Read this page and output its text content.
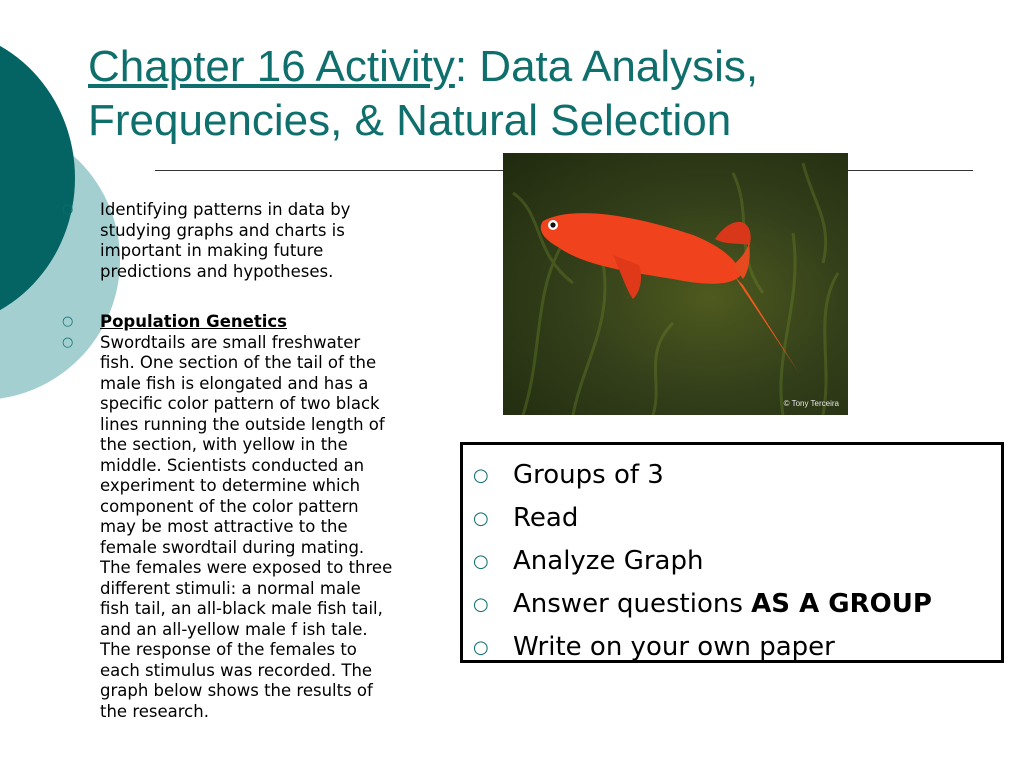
Chapter 16 Activity: Data Analysis,
Frequencies, & Natural Selection
○ Identifying patterns in data by
studying graphs and charts is
important in making future
predictions and hypotheses.
○ Population Genetics
○ Swordtails are small freshwater
fish. One section of the tail of the
male fish is elongated and has a
specific color pattern of two black
lines running the outside length of
the section, with yellow in the
middle. Scientists conducted an
experiment to determine which
component of the color pattern
may be most attractive to the
female swordtail during mating.
The females were exposed to three
different stimuli: a normal male
fish tail, an all-black male fish tail,
and an all-yellow male f ish tale.
The response of the females to
each stimulus was recorded. The
graph below shows the results of
the research.
© Tony Terceira
○ Groups of 3
○ Read
○ Analyze Graph
○ Answer questions AS A GROUP
○ Write on your own paper
